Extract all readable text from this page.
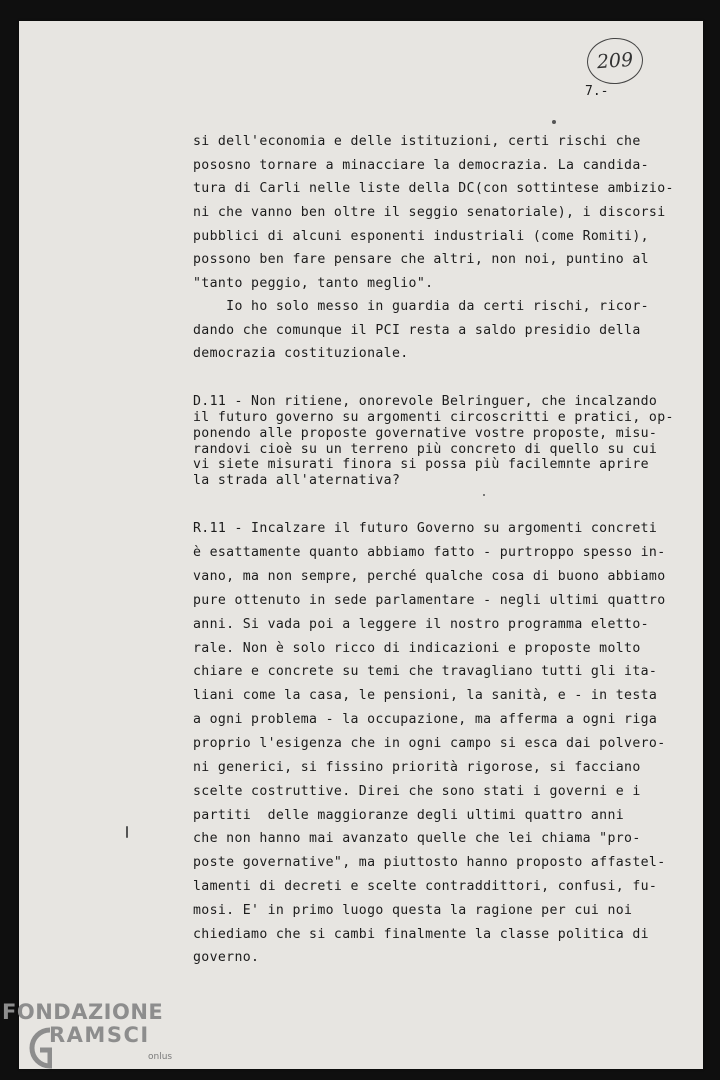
209
7.-
si dell'economia e delle istituzioni, certi rischi che
pososno tornare a minacciare la democrazia. La candida-
tura di Carli nelle liste della DC(con sottintese ambizio-
ni che vanno ben oltre il seggio senatoriale), i discorsi
pubblici di alcuni esponenti industriali (come Romiti),
possono ben fare pensare che altri, non noi, puntino al
"tanto peggio, tanto meglio".
Io ho solo messo in guardia da certi rischi, ricor-
dando che comunque il PCI resta a saldo presidio della
democrazia costituzionale.
D.11 - Non ritiene, onorevole Belringuer, che incalzando
il futuro governo su argomenti circoscritti e pratici, op-
ponendo alle proposte governative vostre proposte, misu-
randovi cioè su un terreno più concreto di quello su cui
vi siete misurati finora si possa più facilemnte aprire
la strada all'aternativa?
R.11 - Incalzare il futuro Governo su argomenti concreti
è esattamente quanto abbiamo fatto - purtroppo spesso in-
vano, ma non sempre, perché qualche cosa di buono abbiamo
pure ottenuto in sede parlamentare - negli ultimi quattro
anni. Si vada poi a leggere il nostro programma eletto-
rale. Non è solo ricco di indicazioni e proposte molto
chiare e concrete su temi che travagliano tutti gli ita-
liani come la casa, le pensioni, la sanità, e - in testa
a ogni problema - la occupazione, ma afferma a ogni riga
proprio l'esigenza che in ogni campo si esca dai polvero-
ni generici, si fissino priorità rigorose, si facciano
scelte costruttive. Direi che sono stati i governi e i
partiti  delle maggioranze degli ultimi quattro anni
che non hanno mai avanzato quelle che lei chiama "pro-
poste governative", ma piuttosto hanno proposto affastel-
lamenti di decreti e scelte contraddittori, confusi, fu-
mosi. E' in primo luogo questa la ragione per cui noi
chiediamo che si cambi finalmente la classe politica di
governo.
FONDAZIONE
RAMSCI
onlus
